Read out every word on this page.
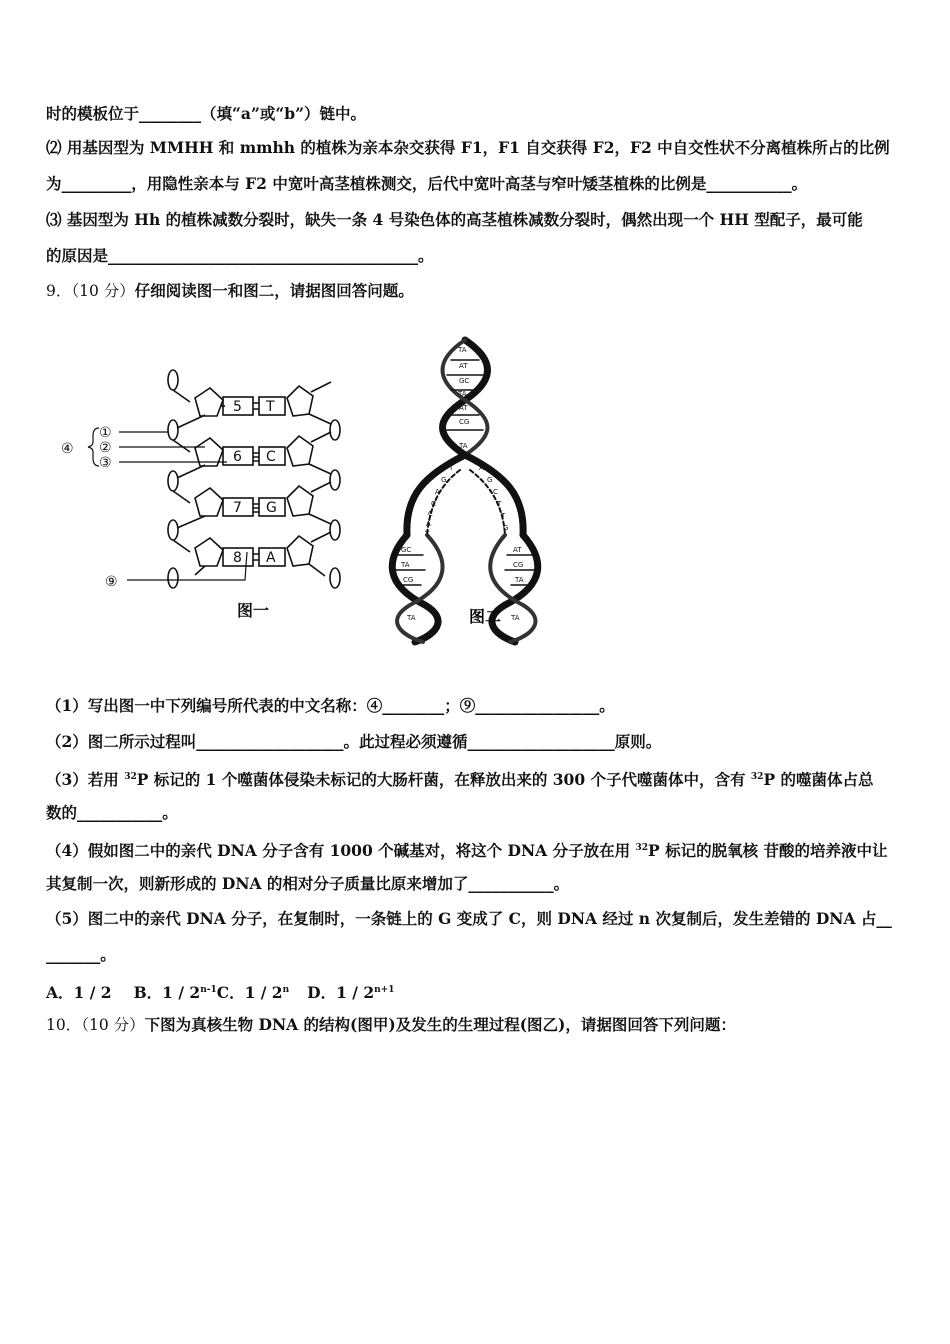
时的模板位于________（填“a”或“b”）链中。
⑵ 用基因型为 MMHH 和 mmhh 的植株为亲本杂交获得 F1，F1 自交获得 F2，F2 中自交性状不分离植株所占的比例
为_________，用隐性亲本与 F2 中宽叶高茎植株测交，后代中宽叶高茎与窄叶矮茎植株的比例是___________。
⑶ 基因型为 Hh 的植株减数分裂时，缺失一条 4 号染色体的高茎植株减数分裂时，偶然出现一个 HH 型配子，最可能
的原因是________________________________________。
9．（10 分）仔细阅读图一和图二，请据图回答问题。
④
①
②
③
⑨
5 T
6 C
7 G
8 A
图一
TA
AT
GC
TA
AT
CG
TA
T
G
A
C
C
A
T
A
G
C
T
T
G
GC
TA
CG
TA
AT
CG
TA
TA
图二
（1）写出图一中下列编号所代表的中文名称：④________；⑨________________。
（2）图二所示过程叫___________________。此过程必须遵循___________________原则。
（3）若用 $^{32}$P 标记的 1 个噬菌体侵染未标记的大肠杆菌，在释放出来的 300 个子代噬菌体中，含有 $^{32}$P 的噬菌体占总
数的___________。
（4）假如图二中的亲代 DNA 分子含有 1000 个碱基对，将这个 DNA 分子放在用 $^{32}$P 标记的脱氧核 苷酸的培养液中让
其复制一次，则新形成的 DNA 的相对分子质量比原来增加了___________。
（5）图二中的亲代 DNA 分子，在复制时，一条链上的 G 变成了 C，则 DNA 经过 n 次复制后，发生差错的 DNA 占__
_______。
A．1 / 2 B．1 / 2$^{n-1}$C．1 / 2$^n$ D．$1 / 2^{n+1}$
10．（10 分）下图为真核生物 DNA 的结构(图甲)及发生的生理过程(图乙)，请据图回答下列问题：
